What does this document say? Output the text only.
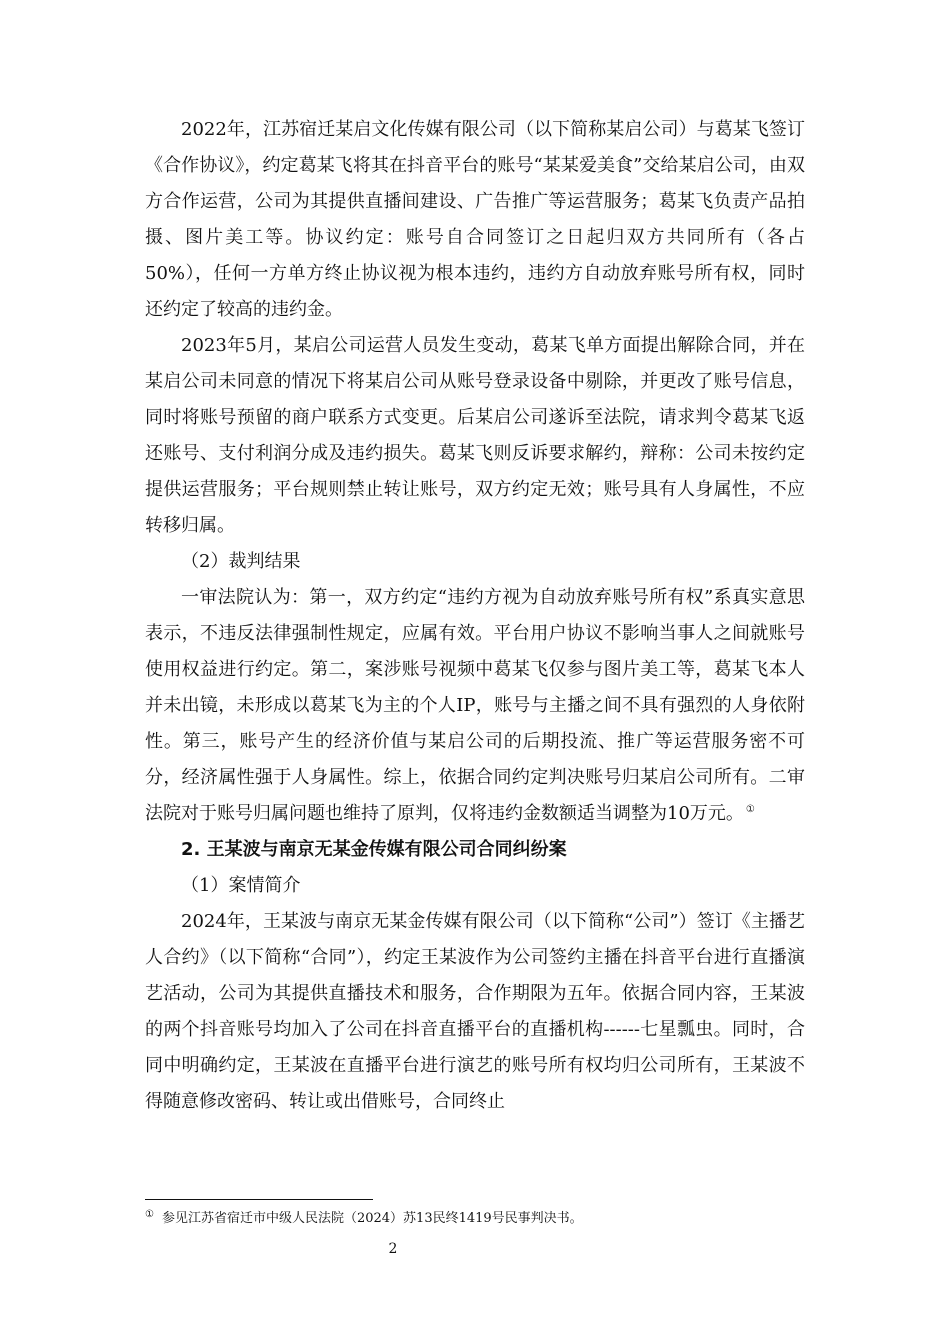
2022年，江苏宿迁某启文化传媒有限公司（以下简称某启公司）与葛某飞签订《合作协议》，约定葛某飞将其在抖音平台的账号“某某爱美食”交给某启公司，由双方合作运营，公司为其提供直播间建设、广告推广等运营服务；葛某飞负责产品拍摄、图片美工等。协议约定：账号自合同签订之日起归双方共同所有（各占50%），任何一方单方终止协议视为根本违约，违约方自动放弃账号所有权，同时还约定了较高的违约金。

2023年5月，某启公司运营人员发生变动，葛某飞单方面提出解除合同，并在某启公司未同意的情况下将某启公司从账号登录设备中剔除，并更改了账号信息，同时将账号预留的商户联系方式变更。后某启公司遂诉至法院，请求判令葛某飞返还账号、支付利润分成及违约损失。葛某飞则反诉要求解约，辩称：公司未按约定提供运营服务；平台规则禁止转让账号，双方约定无效；账号具有人身属性，不应转移归属。

（2）裁判结果

一审法院认为：第一，双方约定“违约方视为自动放弃账号所有权”系真实意思表示，不违反法律强制性规定，应属有效。平台用户协议不影响当事人之间就账号使用权益进行约定。第二，案涉账号视频中葛某飞仅参与图片美工等，葛某飞本人并未出镜，未形成以葛某飞为主的个人IP，账号与主播之间不具有强烈的人身依附性。第三，账号产生的经济价值与某启公司的后期投流、推广等运营服务密不可分，经济属性强于人身属性。综上，依据合同约定判决账号归某启公司所有。二审法院对于账号归属问题也维持了原判，仅将违约金数额适当调整为10万元。 ①

2. 王某波与南京无某金传媒有限公司合同纠纷案

（1）案情简介

2024年，王某波与南京无某金传媒有限公司（以下简称“公司”）签订《主播艺人合约》（以下简称“合同”），约定王某波作为公司签约主播在抖音平台进行直播演艺活动，公司为其提供直播技术和服务，合作期限为五年。依据合同内容，王某波的两个抖音账号均加入了公司在抖音直播平台的直播机构------七星瓢虫。同时，合同中明确约定，王某波在直播平台进行演艺的账号所有权均归公司所有，王某波不得随意修改密码、转让或出借账号，合同终止

① 参见江苏省宿迁市中级人民法院（2024）苏13民终1419号民事判决书。
2
